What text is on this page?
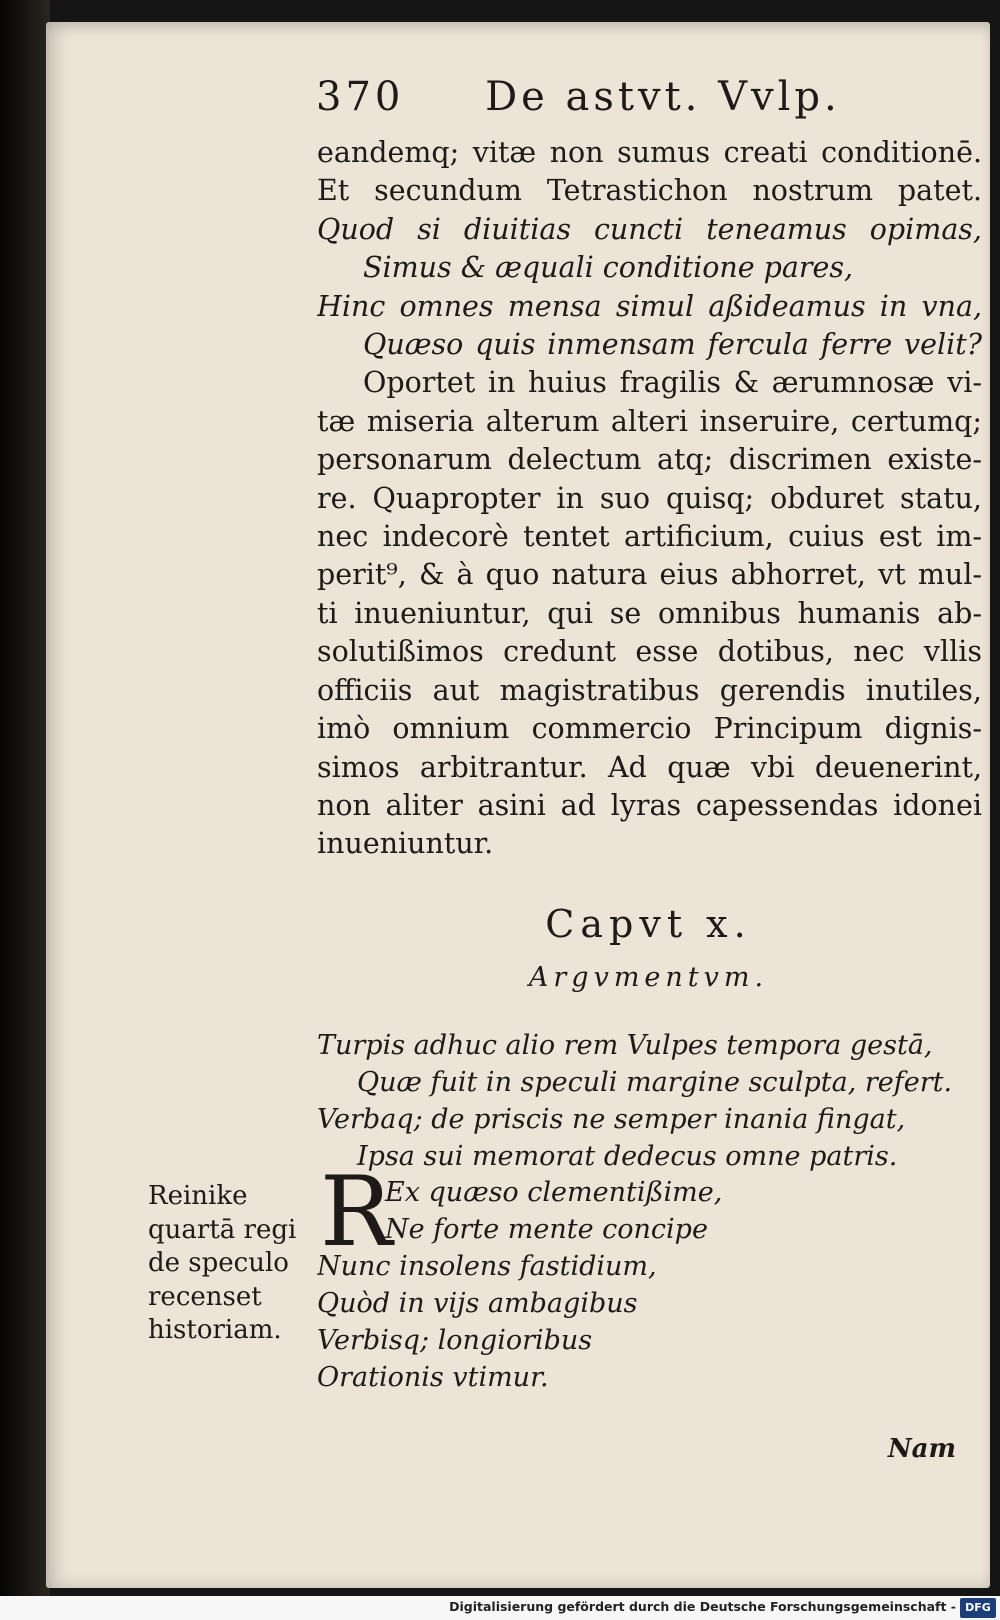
370 De astvt. Vvlp.
eandemq; vitæ non sumus creati conditionē.
Et secundum Tetrastichon nostrum patet.
Quod si diuitias cuncti teneamus opimas,
Simus & æquali conditione pares,
Hinc omnes mensa simul aßideamus in vna,
Quæso quis inmensam fercula ferre velit?
Oportet in huius fragilis & ærumnosæ vi-
tæ miseria alterum alteri inseruire, certumq;
personarum delectum atq; discrimen existe-
re. Quapropter in suo quisq; obduret statu,
nec indecorè tentet artificium, cuius est im-
perit⁹, & à quo natura eius abhorret, vt mul-
ti inueniuntur, qui se omnibus humanis ab-
solutißimos credunt esse dotibus, nec vllis
officiis aut magistratibus gerendis inutiles,
imò omnium commercio Principum dignis-
simos arbitrantur. Ad quæ vbi deuenerint,
non aliter asini ad lyras capessendas idonei
inueniuntur.
Capvt x.
Argvmentvm.
Turpis adhuc alio rem Vulpes tempora gestā,
Quæ fuit in speculi margine sculpta, refert.
Verbaq; de priscis ne semper inania fingat,
Ipsa sui memorat dedecus omne patris.
Reinike
quartā regi
de speculo
recenset
historiam.
R
Ex quæso clementißime,
Ne forte mente concipe
Nunc insolens fastidium,
Quòd in vijs ambagibus
Verbisq; longioribus
Orationis vtimur.
Nam
Digitalisierung gefördert durch die Deutsche Forschungsgemeinschaft - DFG
